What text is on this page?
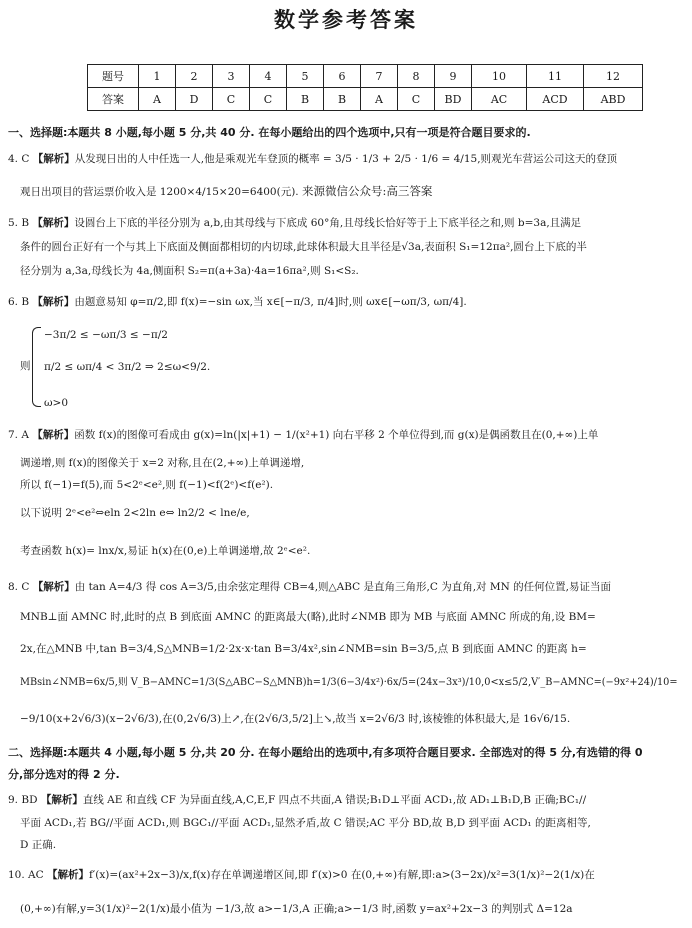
数学参考答案
题号	1	2	3	4	5	6	7	8	9	10	11	12
答案	A	D	C	C	B	B	A	C	BD	AC	ACD	ABD
一、选择题:本题共 8 小题,每小题 5 分,共 40 分. 在每小题给出的四个选项中,只有一项是符合题目要求的.
4. C 【解析】从发现日出的人中任选一人,他是乘观光车登顶的概率 = 3/5 · 1/3 + 2/5 · 1/6 = 4/15,则观光车营运公司这天的登顶
观日出项目的营运票价收入是 1200×4/15×20=6400(元). 来源微信公众号:高三答案
5. B 【解析】设圆台上下底的半径分别为 a,b,由其母线与下底成 60°角,且母线长恰好等于上下底半径之和,则 b=3a,且满足
条件的圆台正好有一个与其上下底面及侧面都相切的内切球,此球体积最大且半径是√3a,表面积 S₁=12πa²,圆台上下底的半
径分别为 a,3a,母线长为 4a,侧面积 S₂=π(a+3a)·4a=16πa²,则 S₁<S₂.
6. B 【解析】由题意易知 φ=π/2,即 f(x)=−sin ωx,当 x∈[−π/3, π/4]时,则 ωx∈[−ωπ/3, ωπ/4].
则
−3π/2 ≤ −ωπ/3 ≤ −π/2
π/2 ≤ ωπ/4 < 3π/2
ω>0
⇒ 2≤ω<9/2.
7. A 【解析】函数 f(x)的图像可看成由 g(x)=ln(|x|+1) − 1/(x²+1) 向右平移 2 个单位得到,而 g(x)是偶函数且在(0,+∞)上单
调递增,则 f(x)的图像关于 x=2 对称,且在(2,+∞)上单调递增,
所以 f(−1)=f(5),而 5<2ᵉ<e²,则 f(−1)<f(2ᵉ)<f(e²).
以下说明 2ᵉ<e²⇔eln 2<2ln e⇔ ln2/2 < lne/e,
考查函数 h(x)= lnx/x,易证 h(x)在(0,e)上单调递增,故 2ᵉ<e².
8. C 【解析】由 tan A=4/3 得 cos A=3/5,由余弦定理得 CB=4,则△ABC 是直角三角形,C 为直角,对 MN 的任何位置,易证当面
MNB⊥面 AMNC 时,此时的点 B 到底面 AMNC 的距离最大(略),此时∠NMB 即为 MB 与底面 AMNC 所成的角,设 BM=
2x,在△MNB 中,tan B=3/4,S△MNB=1/2·2x·x·tan B=3/4x²,sin∠NMB=sin B=3/5,点 B 到底面 AMNC 的距离 h=
MBsin∠NMB=6x/5,则 V_B−AMNC=1/3(S△ABC−S△MNB)h=1/3(6−3/4x²)·6x/5=(24x−3x³)/10,0<x≤5/2,V′_B−AMNC=(−9x²+24)/10=
−9/10(x+2√6/3)(x−2√6/3),在(0,2√6/3)上↗,在(2√6/3,5/2]上↘,故当 x=2√6/3 时,该棱锥的体积最大,是 16√6/15.
二、选择题:本题共 4 小题,每小题 5 分,共 20 分. 在每小题给出的选项中,有多项符合题目要求. 全部选对的得 5 分,有选错的得 0
分,部分选对的得 2 分.
9. BD 【解析】直线 AE 和直线 CF 为异面直线,A,C,E,F 四点不共面,A 错误;B₁D⊥平面 ACD₁,故 AD₁⊥B₁D,B 正确;BC₁//
平面 ACD₁,若 BG//平面 ACD₁,则 BGC₁//平面 ACD₁,显然矛盾,故 C 错误;AC 平分 BD,故 B,D 到平面 ACD₁ 的距离相等,
D 正确.
10. AC 【解析】f′(x)=(ax²+2x−3)/x,f(x)存在单调递增区间,即 f′(x)>0 在(0,+∞)有解,即:a>(3−2x)/x²=3(1/x)²−2(1/x)在
(0,+∞)有解,y=3(1/x)²−2(1/x)最小值为 −1/3,故 a>−1/3,A 正确;a>−1/3 时,函数 y=ax²+2x−3 的判别式 Δ=12a
